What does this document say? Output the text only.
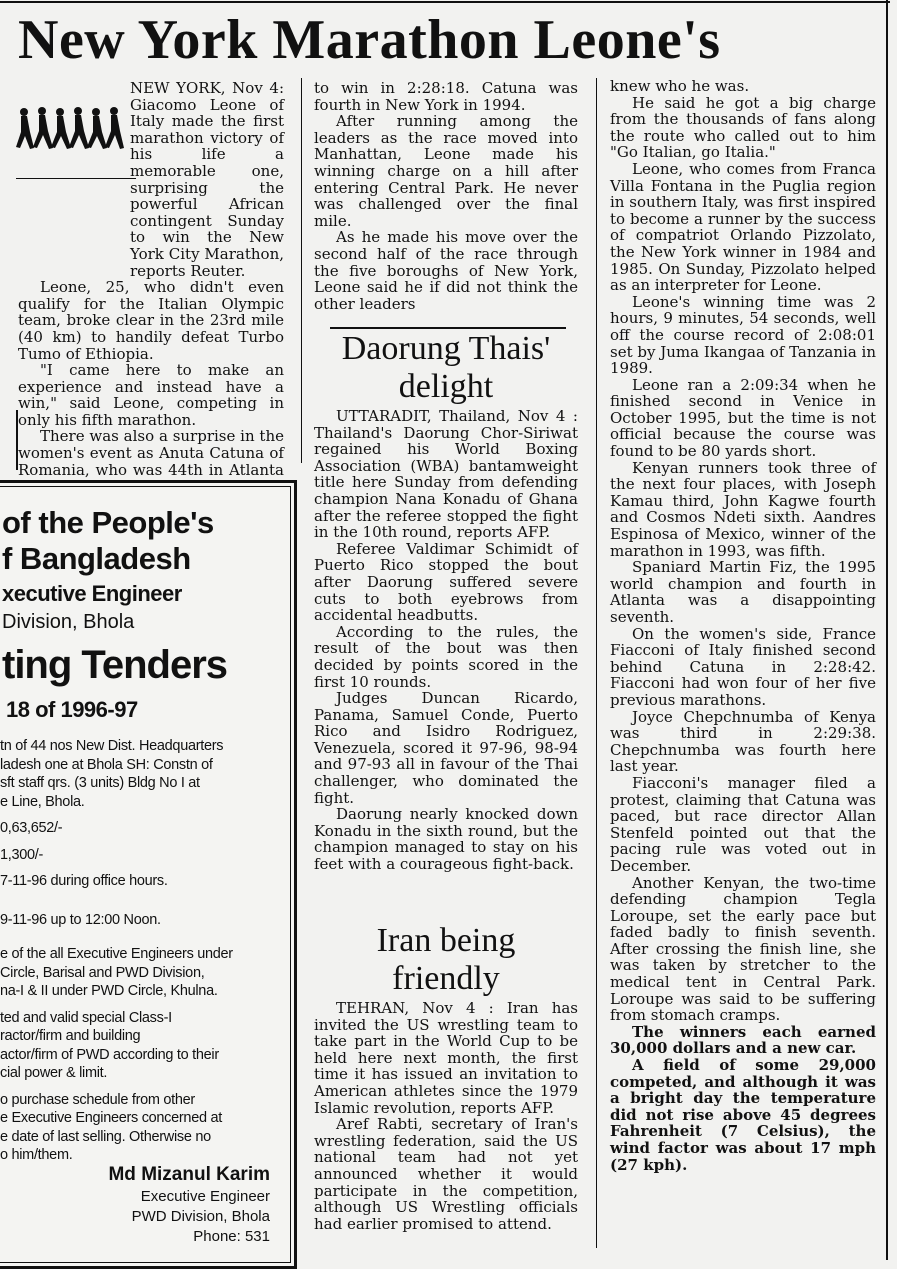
New York Marathon Leone's

NEW YORK, Nov 4: Giacomo Leone of Italy made the first marathon victory of his life a memorable one, surprising the powerful African contingent Sunday to win the New York City Marathon, reports Reuter.

Leone, 25, who didn't even qualify for the Italian Olympic team, broke clear in the 23rd mile (40 km) to handily defeat Turbo Tumo of Ethiopia.

"I came here to make an experience and instead have a win," said Leone, competing in only his fifth marathon.

There was also a surprise in the women's event as Anuta Catuna of Romania, who was 44th in Atlanta

to win in 2:28:18. Catuna was fourth in New York in 1994.

After running among the leaders as the race moved into Manhattan, Leone made his winning charge on a hill after entering Central Park. He never was challenged over the final mile.

As he made his move over the second half of the race through the five boroughs of New York, Leone said he if did not think the other leaders

Daorung Thais'
delight

UTTARADIT, Thailand, Nov 4 : Thailand's Daorung Chor-Siriwat regained his World Boxing Association (WBA) bantamweight title here Sunday from defending champion Nana Konadu of Ghana after the referee stopped the fight in the 10th round, reports AFP.

Referee Valdimar Schimidt of Puerto Rico stopped the bout after Daorung suffered severe cuts to both eyebrows from accidental headbutts.

According to the rules, the result of the bout was then decided by points scored in the first 10 rounds.

Judges Duncan Ricardo, Panama, Samuel Conde, Puerto Rico and Isidro Rodriguez, Venezuela, scored it 97-96, 98-94 and 97-93 all in favour of the Thai challenger, who dominated the fight.

Daorung nearly knocked down Konadu in the sixth round, but the champion managed to stay on his feet with a courageous fight-back.

Iran being
friendly

TEHRAN, Nov 4 : Iran has invited the US wrestling team to take part in the World Cup to be held here next month, the first time it has issued an invitation to American athletes since the 1979 Islamic revolution, reports AFP.

Aref Rabti, secretary of Iran's wrestling federation, said the US national team had not yet announced whether it would participate in the competition, although US Wrestling officials had earlier promised to attend.

knew who he was.

He said he got a big charge from the thousands of fans along the route who called out to him "Go Italian, go Italia."

Leone, who comes from Franca Villa Fontana in the Puglia region in southern Italy, was first inspired to become a runner by the success of compatriot Orlando Pizzolato, the New York winner in 1984 and 1985. On Sunday, Pizzolato helped as an interpreter for Leone.

Leone's winning time was 2 hours, 9 minutes, 54 seconds, well off the course record of 2:08:01 set by Juma Ikangaa of Tanzania in 1989.

Leone ran a 2:09:34 when he finished second in Venice in October 1995, but the time is not official because the course was found to be 80 yards short.

Kenyan runners took three of the next four places, with Joseph Kamau third, John Kagwe fourth and Cosmos Ndeti sixth. Aandres Espinosa of Mexico, winner of the marathon in 1993, was fifth.

Spaniard Martin Fiz, the 1995 world champion and fourth in Atlanta was a disappointing seventh.

On the women's side, France Fiacconi of Italy finished second behind Catuna in 2:28:42. Fiacconi had won four of her five previous marathons.

Joyce Chepchnumba of Kenya was third in 2:29:38. Chepchnumba was fourth here last year.

Fiacconi's manager filed a protest, claiming that Catuna was paced, but race director Allan Stenfeld pointed out that the pacing rule was voted out in December.

Another Kenyan, the two-time defending champion Tegla Loroupe, set the early pace but faded badly to finish seventh. After crossing the finish line, she was taken by stretcher to the medical tent in Central Park. Loroupe was said to be suffering from stomach cramps.

The winners each earned 30,000 dollars and a new car.

A field of some 29,000 competed, and although it was a bright day the temperature did not rise above 45 degrees Fahrenheit (7 Celsius), the wind factor was about 17 mph (27 kph).

of the People's
f Bangladesh
xecutive Engineer
Division, Bhola
ting Tenders
18 of 1996-97
tn of 44 nos New Dist. Headquarters
ladesh one at Bhola SH: Constn of
sft staff qrs. (3 units) Bldg No I at
e Line, Bhola.
0,63,652/-
1,300/-
7-11-96 during office hours.
9-11-96 up to 12:00 Noon.
e of the all Executive Engineers under
Circle, Barisal and PWD Division,
na-I & II under PWD Circle, Khulna.
ted and valid special Class-I
ractor/firm and building
actor/firm of PWD according to their
cial power & limit.
o purchase schedule from other
e Executive Engineers concerned at
e date of last selling. Otherwise no
o him/them.
Md Mizanul Karim
Executive Engineer
PWD Division, Bhola
Phone: 531
